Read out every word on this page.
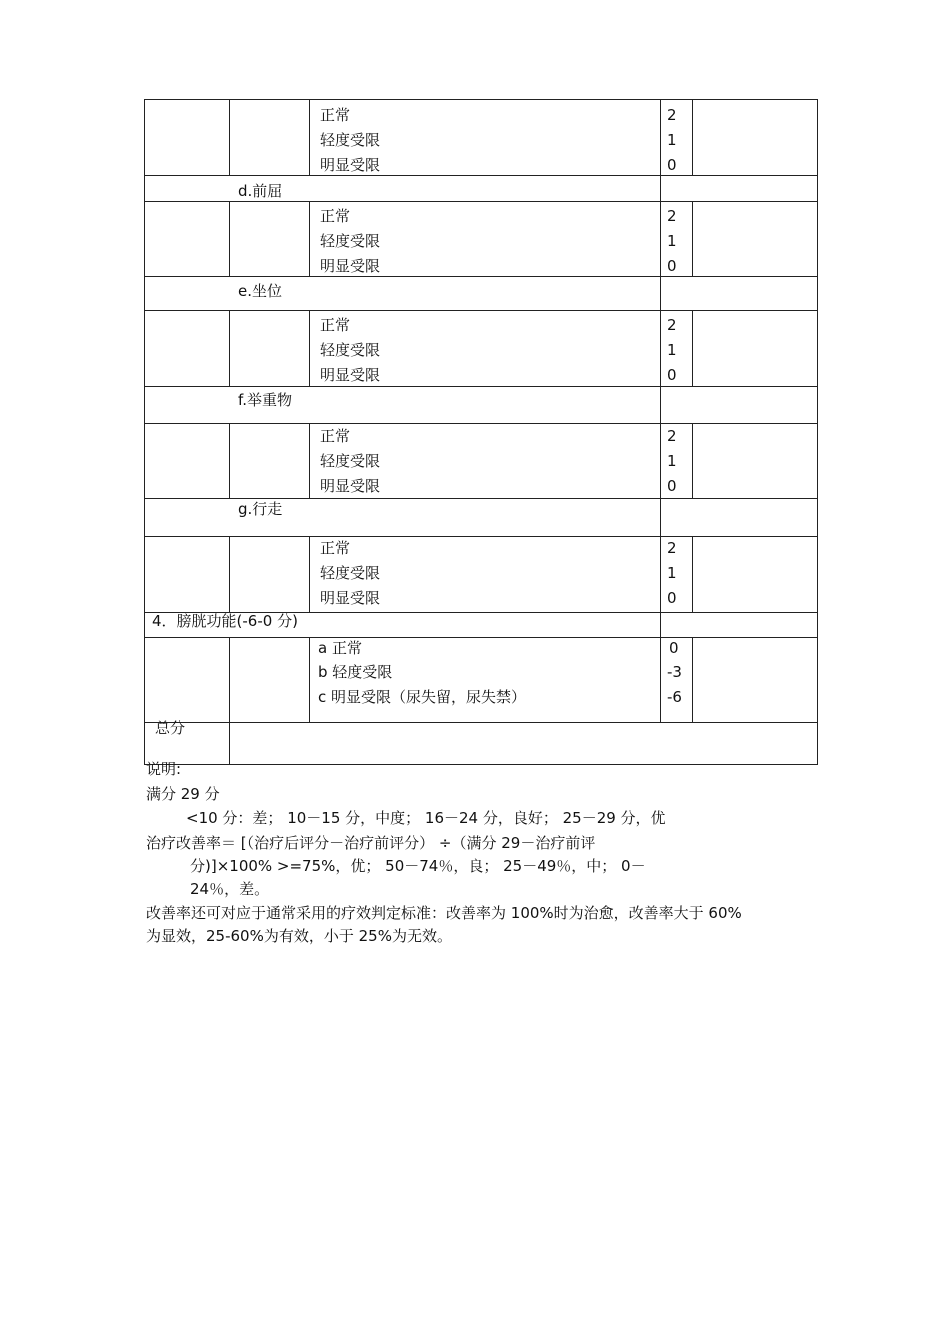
正常
轻度受限
明显受限
2
1
0
d.前屈
正常
轻度受限
明显受限
2
1
0
e.坐位
正常
轻度受限
明显受限
2
1
0
f.举重物
正常
轻度受限
明显受限
2
1
0
g.行走
正常
轻度受限
明显受限
2
1
0
4．膀胱功能(-6-0 分)
a 正常
b 轻度受限
c 明显受限（尿失留，尿失禁）
0
-3
-6
总分
说明:
满分 29 分
<10 分：差； 10－15 分，中度； 16－24 分，良好； 25－29 分，优
治疗改善率＝ [（治疗后评分－治疗前评分） ÷（满分 29－治疗前评
分)]×100% >=75%，优； 50－74％，良； 25－49％，中； 0－
24％，差。
改善率还可对应于通常采用的疗效判定标准：改善率为 100%时为治愈，改善率大于 60%
为显效，25-60%为有效，小于 25%为无效。
